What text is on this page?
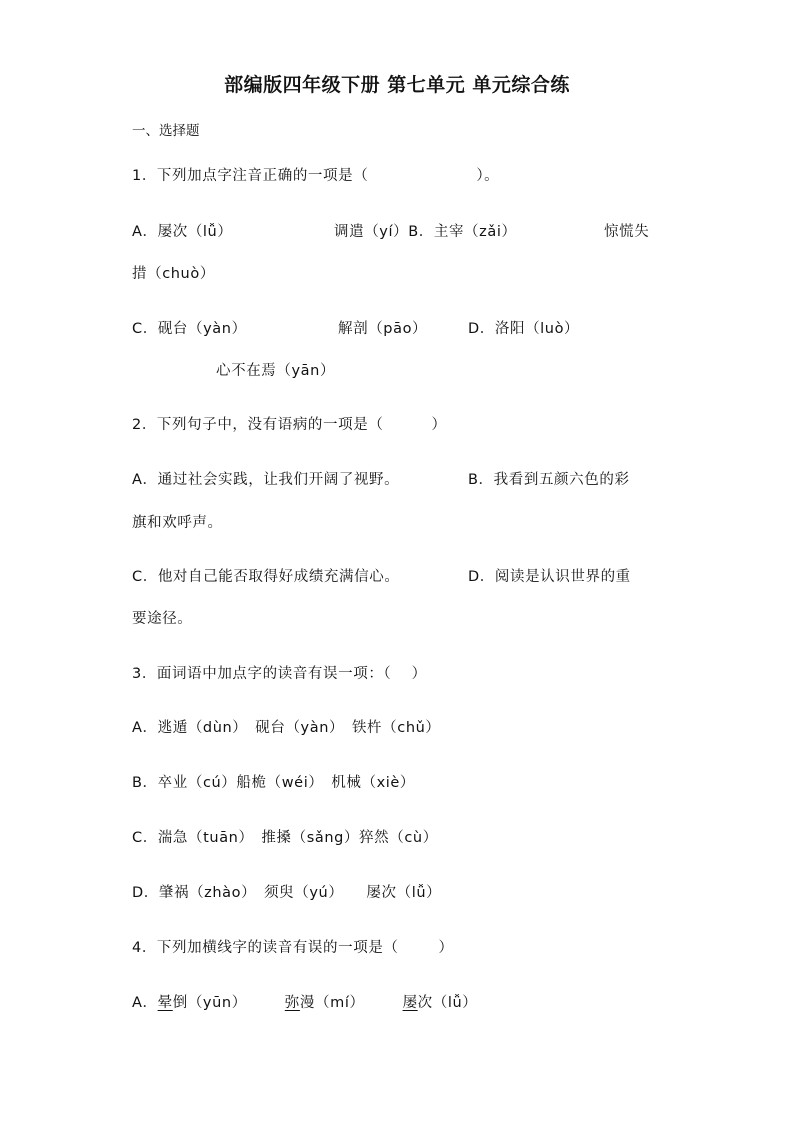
部编版四年级下册 第七单元 单元综合练
一、选择题
1．下列加点字注音正确的一项是（	）。
A．屡次（lǚ）	调遣（yí）B．主宰（zǎi）	惊慌失
措（chuò）
C．砚台（yàn）	解剖（pāo）	D．洛阳（luò）
心不在焉（yān）
2．下列句子中，没有语病的一项是（	）
A．通过社会实践，让我们开阔了视野。	B．我看到五颜六色的彩
旗和欢呼声。
C．他对自己能否取得好成绩充满信心。	D．阅读是认识世界的重
要途径。
3．面词语中加点字的读音有误一项：（　 ）
A．逃遁（dùn）　砚台（yàn）　铁杵（chǔ）
B．卒业（cú）船桅（wéi）　机械（xiè）
C．湍急（tuān）　推搡（sǎng）猝然（cù）
D．肇祸（zhào）　须臾（yú）　　屡次（lǚ）
4．下列加横线字的读音有误的一项是（	）
A．晕倒（yūn）	弥漫（mí）	屡次（lǚ）
